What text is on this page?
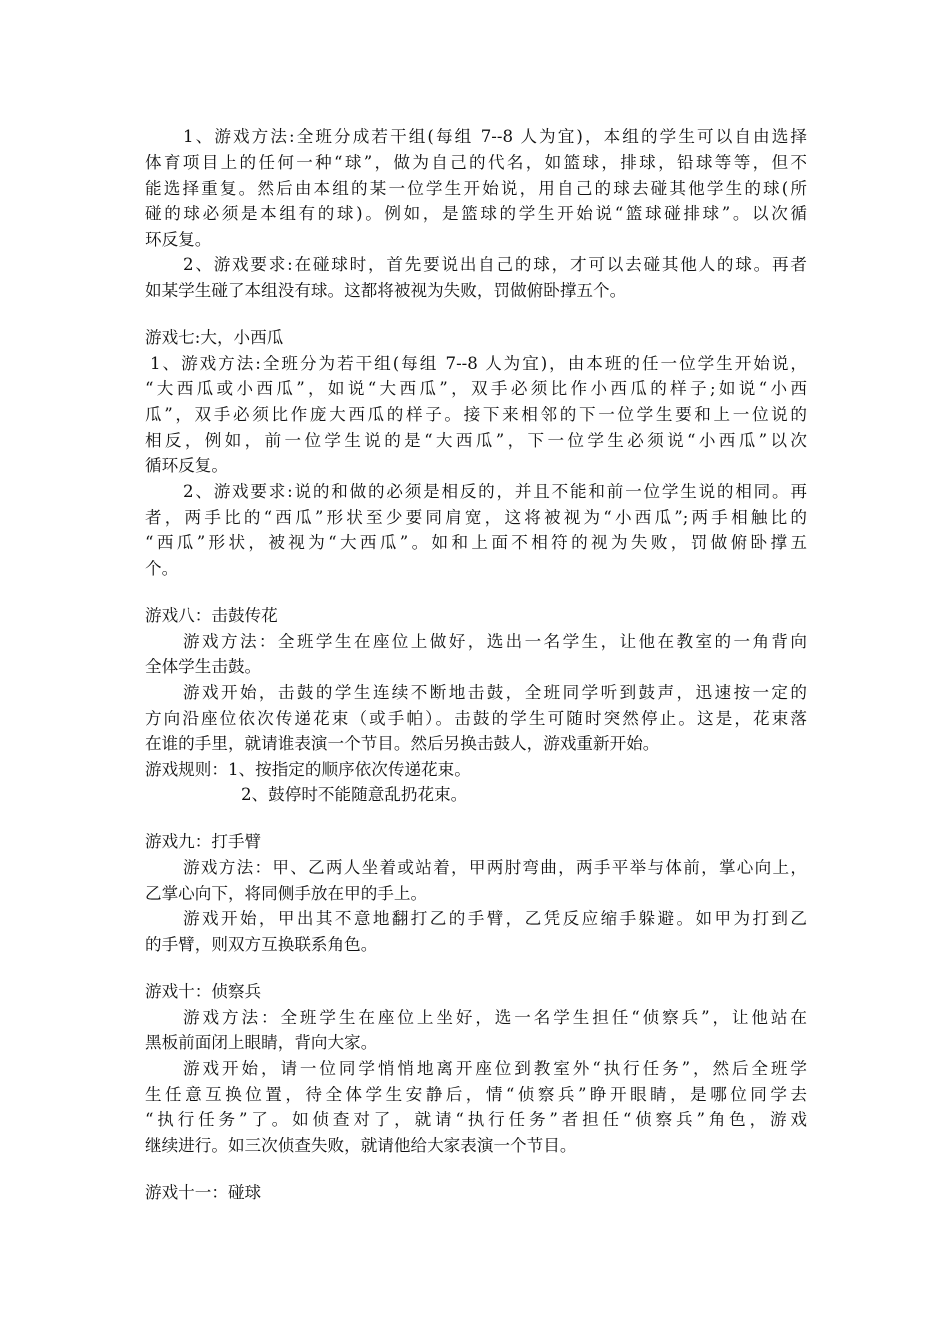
1、游戏方法:全班分成若干组(每组 7--8 人为宜)，本组的学生可以自由选择
体育项目上的任何一种“球”，做为自己的代名，如篮球，排球，铅球等等，但不
能选择重复。然后由本组的某一位学生开始说，用自己的球去碰其他学生的球(所
碰的球必须是本组有的球)。例如，是篮球的学生开始说“篮球碰排球”。以次循
环反复。
2、游戏要求:在碰球时，首先要说出自己的球，才可以去碰其他人的球。再者
如某学生碰了本组没有球。这都将被视为失败，罚做俯卧撑五个。
游戏七:大，小西瓜
1、游戏方法:全班分为若干组(每组 7--8 人为宜)，由本班的任一位学生开始说，
“大西瓜或小西瓜”，如说“大西瓜”，双手必须比作小西瓜的样子;如说“小西
瓜”，双手必须比作庞大西瓜的样子。接下来相邻的下一位学生要和上一位说的
相反，例如，前一位学生说的是“大西瓜”，下一位学生必须说“小西瓜”以次
循环反复。
2、游戏要求:说的和做的必须是相反的，并且不能和前一位学生说的相同。再
者，两手比的“西瓜”形状至少要同肩宽，这将被视为“小西瓜”;两手相触比的
“西瓜”形状，被视为“大西瓜”。如和上面不相符的视为失败，罚做俯卧撑五
个。
游戏八：击鼓传花
游戏方法：全班学生在座位上做好，选出一名学生，让他在教室的一角背向
全体学生击鼓。
游戏开始，击鼓的学生连续不断地击鼓，全班同学听到鼓声，迅速按一定的
方向沿座位依次传递花束（或手帕）。击鼓的学生可随时突然停止。这是，花束落
在谁的手里，就请谁表演一个节目。然后另换击鼓人，游戏重新开始。
游戏规则：1、按指定的顺序依次传递花束。
2、鼓停时不能随意乱扔花束。
游戏九：打手臂
游戏方法：甲、乙两人坐着或站着，甲两肘弯曲，两手平举与体前，掌心向上，
乙掌心向下，将同侧手放在甲的手上。
游戏开始，甲出其不意地翻打乙的手臂，乙凭反应缩手躲避。如甲为打到乙
的手臂，则双方互换联系角色。
游戏十：侦察兵
游戏方法：全班学生在座位上坐好，选一名学生担任“侦察兵”，让他站在
黑板前面闭上眼睛，背向大家。
游戏开始，请一位同学悄悄地离开座位到教室外“执行任务”，然后全班学
生任意互换位置，待全体学生安静后，情“侦察兵”睁开眼睛，是哪位同学去
“执行任务”了。如侦查对了，就请“执行任务”者担任“侦察兵”角色，游戏
继续进行。如三次侦查失败，就请他给大家表演一个节目。
游戏十一：碰球
